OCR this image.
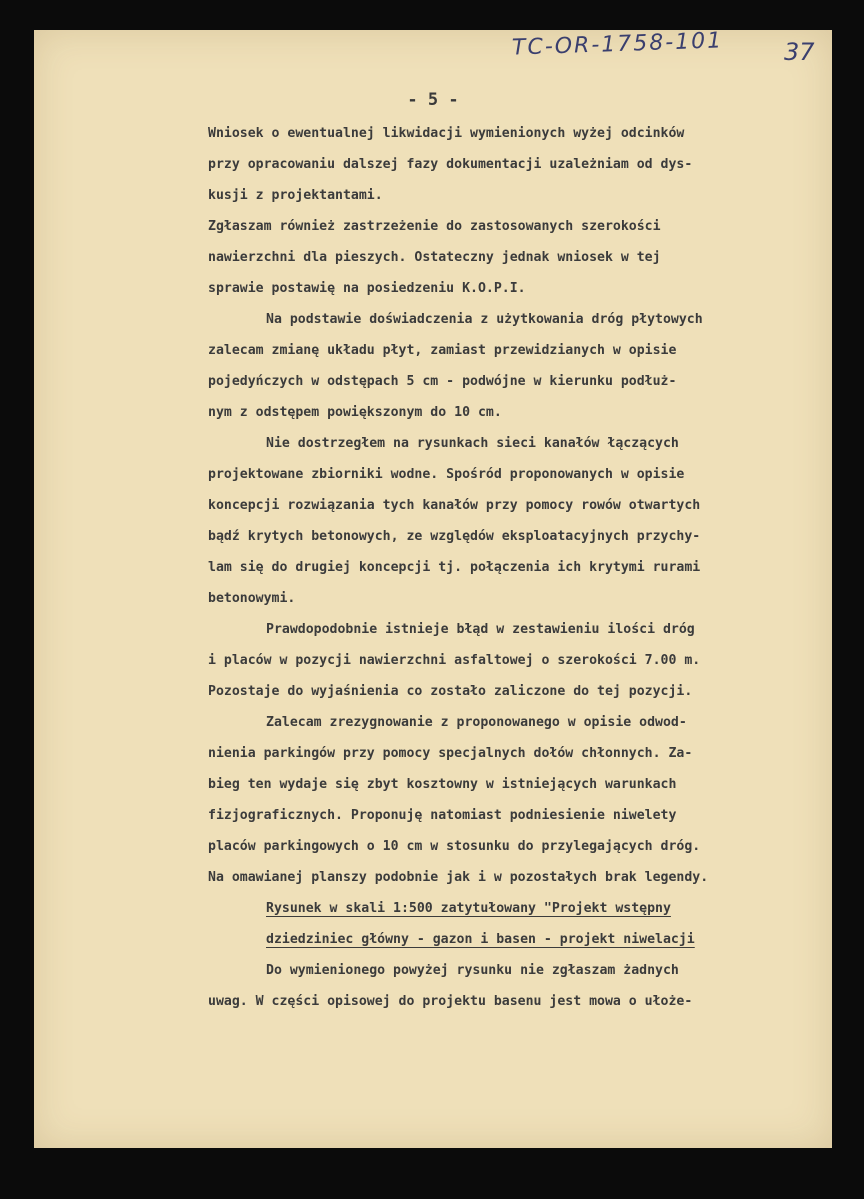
TC-OR-1758-101	37
- 5 -
Wniosek o ewentualnej likwidacji wymienionych wyżej odcinków
przy opracowaniu dalszej fazy dokumentacji uzależniam od dys-
kusji z projektantami.
Zgłaszam również zastrzeżenie do zastosowanych szerokości
nawierzchni dla pieszych. Ostateczny jednak wniosek w tej
sprawie postawię na posiedzeniu K.O.P.I.
Na podstawie doświadczenia z użytkowania dróg płytowych
zalecam zmianę układu płyt, zamiast przewidzianych w opisie
pojedyńczych w odstępach 5 cm - podwójne w kierunku podłuż-
nym z odstępem powiększonym do 10 cm.
Nie dostrzegłem na rysunkach sieci kanałów łączących
projektowane zbiorniki wodne. Spośród proponowanych w opisie
koncepcji rozwiązania tych kanałów przy pomocy rowów otwartych
bądź krytych betonowych, ze względów eksploatacyjnych przychy-
lam się do drugiej koncepcji tj. połączenia ich krytymi rurami
betonowymi.
Prawdopodobnie istnieje błąd w zestawieniu ilości dróg
i placów w pozycji nawierzchni asfaltowej o szerokości 7.00 m.
Pozostaje do wyjaśnienia co zostało zaliczone do tej pozycji.
Zalecam zrezygnowanie z proponowanego w opisie odwod-
nienia parkingów przy pomocy specjalnych dołów chłonnych. Za-
bieg ten wydaje się zbyt kosztowny w istniejących warunkach
fizjograficznych. Proponuję natomiast podniesienie niwelety
placów parkingowych o 10 cm w stosunku do przylegających dróg.
Na omawianej planszy podobnie jak i w pozostałych brak legendy.
Rysunek w skali 1:500 zatytułowany "Projekt wstępny
dziedziniec główny - gazon i basen - projekt niwelacji
Do wymienionego powyżej rysunku nie zgłaszam żadnych
uwag. W części opisowej do projektu basenu jest mowa o ułoże-
